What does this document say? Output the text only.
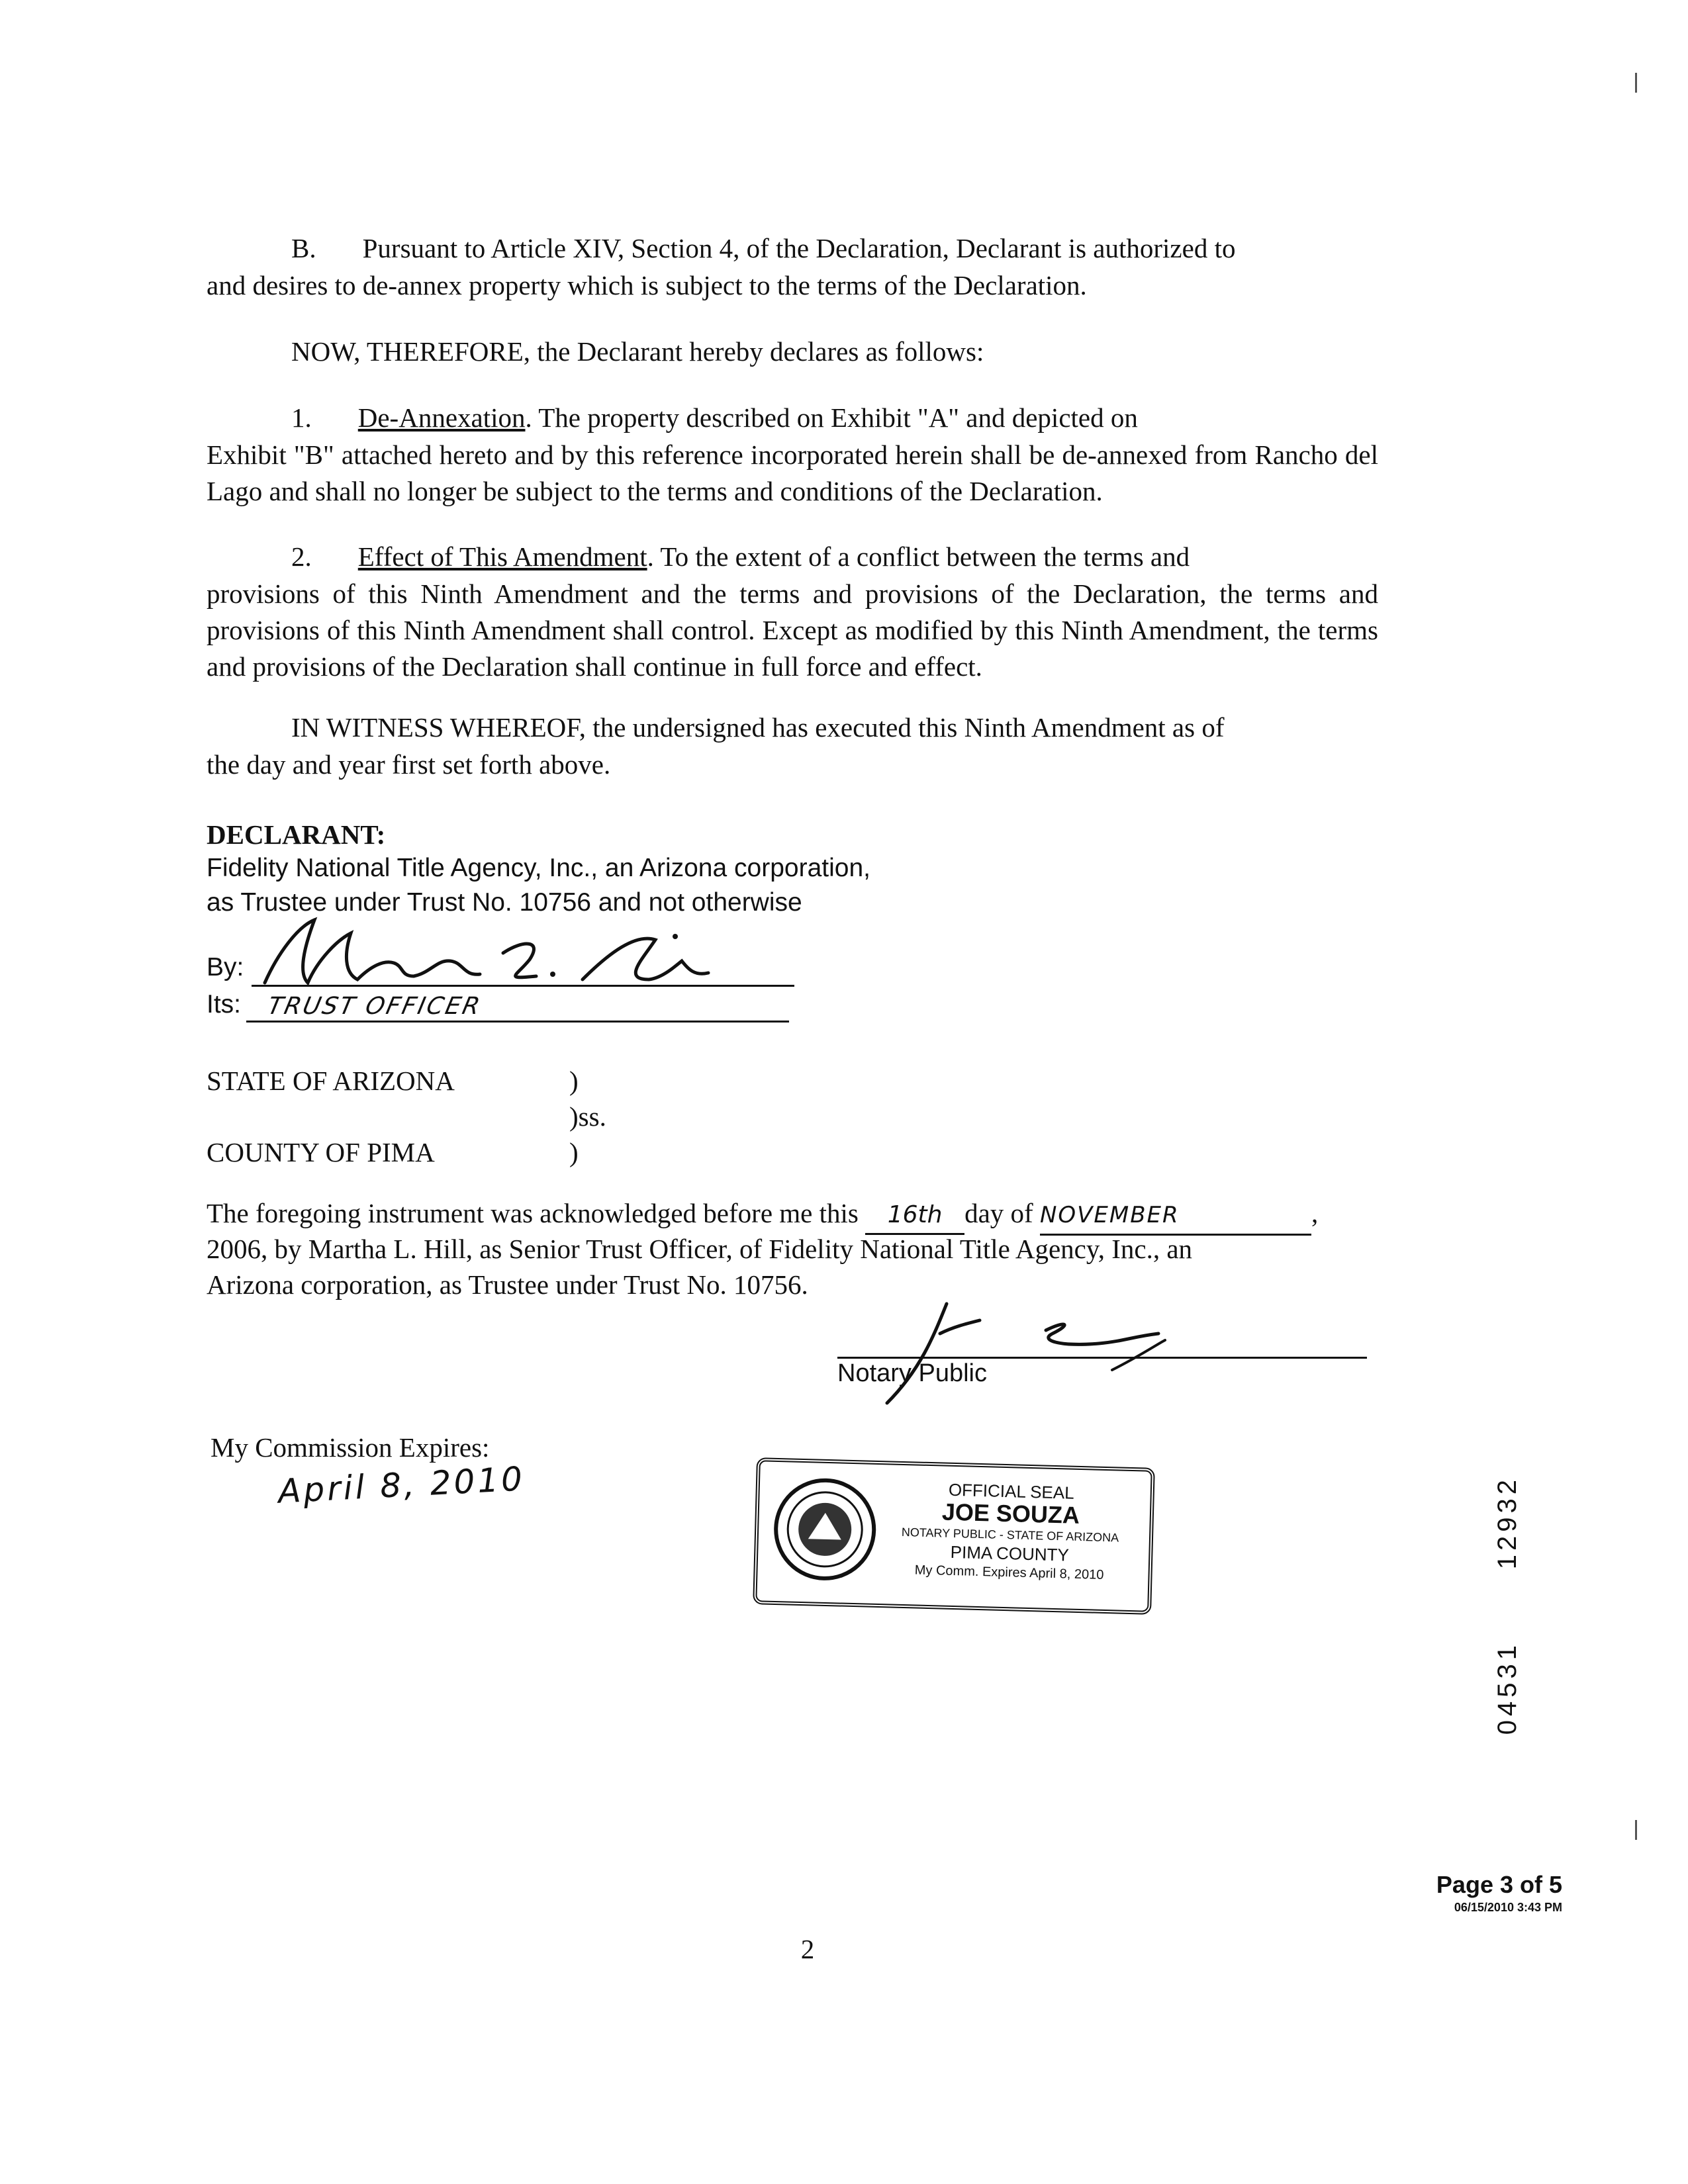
B. Pursuant to Article XIV, Section 4, of the Declaration, Declarant is authorized to
and desires to de-annex property which is subject to the terms of the Declaration.
NOW, THEREFORE, the Declarant hereby declares as follows:
1. De-Annexation. The property described on Exhibit "A" and depicted on
Exhibit "B" attached hereto and by this reference incorporated herein shall be de-annexed from Rancho del Lago and shall no longer be subject to the terms and conditions of the Declaration.
2. Effect of This Amendment. To the extent of a conflict between the terms and
provisions of this Ninth Amendment and the terms and provisions of the Declaration, the terms and provisions of this Ninth Amendment shall control. Except as modified by this Ninth Amendment, the terms and provisions of the Declaration shall continue in full force and effect.
IN WITNESS WHEREOF, the undersigned has executed this Ninth Amendment as of
the day and year first set forth above.
DECLARANT:
Fidelity National Title Agency, Inc., an Arizona corporation,
as Trustee under Trust No. 10756 and not otherwise
By:
Its: TRUST OFFICER
STATE OF ARIZONA	)
)ss.
COUNTY OF PIMA	)
The foregoing instrument was acknowledged before me this 16th day of NOVEMBER	,
2006, by Martha L. Hill, as Senior Trust Officer, of Fidelity National Title Agency, Inc., an
Arizona corporation, as Trustee under Trust No. 10756.
Notary Public
My Commission Expires:
April 8, 2010	OFFICIAL SEAL
JOE SOUZA
NOTARY PUBLIC - STATE OF ARIZONA
PIMA COUNTY
My Comm. Expires April 8, 2010
12932
04531
Page 3 of 5
06/15/2010 3:43 PM
2
